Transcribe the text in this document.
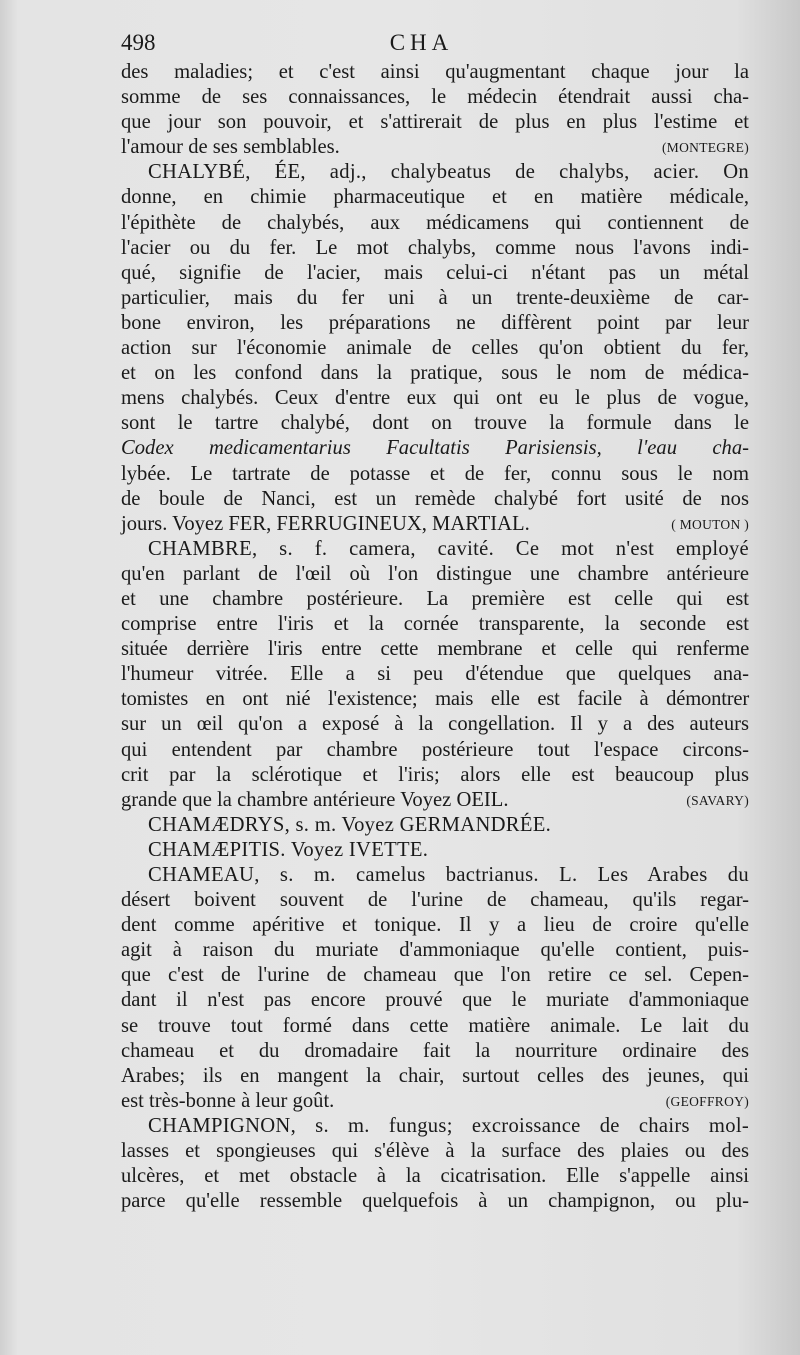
498	CHA
des maladies; et c'est ainsi qu'augmentant chaque jour la
somme de ses connaissances, le médecin étendrait aussi cha-
que jour son pouvoir, et s'attirerait de plus en plus l'estime et
l'amour de ses semblables.	(MONTEGRE)
CHALYBÉ, ÉE, adj., chalybeatus de chalybs, acier. On
donne, en chimie pharmaceutique et en matière médicale,
l'épithète de chalybés, aux médicamens qui contiennent de
l'acier ou du fer. Le mot chalybs, comme nous l'avons indi-
qué, signifie de l'acier, mais celui-ci n'étant pas un métal
particulier, mais du fer uni à un trente-deuxième de car-
bone environ, les préparations ne diffèrent point par leur
action sur l'économie animale de celles qu'on obtient du fer,
et on les confond dans la pratique, sous le nom de médica-
mens chalybés. Ceux d'entre eux qui ont eu le plus de vogue,
sont le tartre chalybé, dont on trouve la formule dans le
Codex medicamentarius Facultatis Parisiensis, l'eau cha-
lybée. Le tartrate de potasse et de fer, connu sous le nom
de boule de Nanci, est un remède chalybé fort usité de nos
jours. Voyez FER, FERRUGINEUX, MARTIAL.	( MOUTON )
CHAMBRE, s. f. camera, cavité. Ce mot n'est employé
qu'en parlant de l'œil où l'on distingue une chambre antérieure
et une chambre postérieure. La première est celle qui est
comprise entre l'iris et la cornée transparente, la seconde est
située derrière l'iris entre cette membrane et celle qui renferme
l'humeur vitrée. Elle a si peu d'étendue que quelques ana-
tomistes en ont nié l'existence; mais elle est facile à démontrer
sur un œil qu'on a exposé à la congellation. Il y a des auteurs
qui entendent par chambre postérieure tout l'espace circons-
crit par la sclérotique et l'iris; alors elle est beaucoup plus
grande que la chambre antérieure Voyez OEIL.	(SAVARY)
CHAMÆDRYS, s. m. Voyez GERMANDRÉE.
CHAMÆPITIS. Voyez IVETTE.
CHAMEAU, s. m. camelus bactrianus. L. Les Arabes du
désert boivent souvent de l'urine de chameau, qu'ils regar-
dent comme apéritive et tonique. Il y a lieu de croire qu'elle
agit à raison du muriate d'ammoniaque qu'elle contient, puis-
que c'est de l'urine de chameau que l'on retire ce sel. Cepen-
dant il n'est pas encore prouvé que le muriate d'ammoniaque
se trouve tout formé dans cette matière animale. Le lait du
chameau et du dromadaire fait la nourriture ordinaire des
Arabes; ils en mangent la chair, surtout celles des jeunes, qui
est très-bonne à leur goût.	(GEOFFROY)
CHAMPIGNON, s. m. fungus; excroissance de chairs mol-
lasses et spongieuses qui s'élève à la surface des plaies ou des
ulcères, et met obstacle à la cicatrisation. Elle s'appelle ainsi
parce qu'elle ressemble quelquefois à un champignon, ou plu-
